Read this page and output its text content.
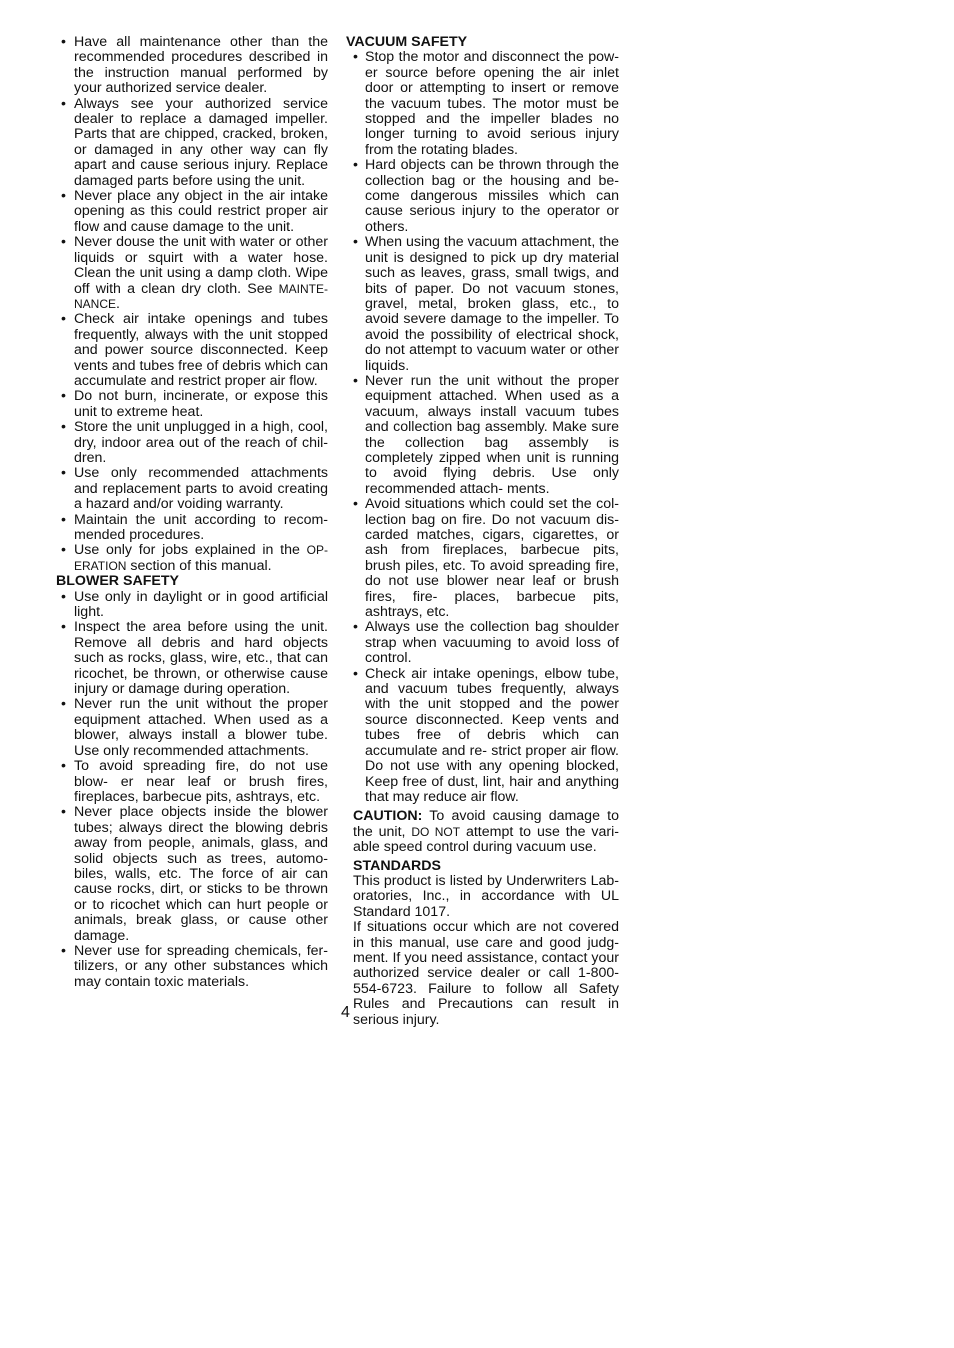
• Have all maintenance other than the recommended procedures described in the instruction manual performed by your authorized service dealer.
• Always see your authorized service dealer to replace a damaged impeller. Parts that are chipped, cracked, broken, or damaged in any other way can fly apart and cause serious injury. Replace damaged parts before using the unit.
• Never place any object in the air intake opening as this could restrict proper air flow and cause damage to the unit.
• Never douse the unit with water or other liquids or squirt with a water hose. Clean the unit using a damp cloth. Wipe off with a clean dry cloth. See MAINTE- NANCE.
• Check air intake openings and tubes frequently, always with the unit stopped and power source disconnected. Keep vents and tubes free of debris which can accumulate and restrict proper air flow.
• Do not burn, incinerate, or expose this unit to extreme heat.
• Store the unit unplugged in a high, cool, dry, indoor area out of the reach of chil- dren.
• Use only recommended attachments and replacement parts to avoid creating a hazard and/or voiding warranty.
• Maintain the unit according to recom- mended procedures.
• Use only for jobs explained in the OP- ERATION section of this manual.
BLOWER SAFETY
• Use only in daylight or in good artificial light.
• Inspect the area before using the unit. Remove all debris and hard objects such as rocks, glass, wire, etc., that can ricochet, be thrown, or otherwise cause injury or damage during operation.
• Never run the unit without the proper equipment attached. When used as a blower, always install a blower tube. Use only recommended attachments.
• To avoid spreading fire, do not use blow- er near leaf or brush fires, fireplaces, barbecue pits, ashtrays, etc.
• Never place objects inside the blower tubes; always direct the blowing debris away from people, animals, glass, and solid objects such as trees, automo- biles, walls, etc. The force of air can cause rocks, dirt, or sticks to be thrown or to ricochet which can hurt people or animals, break glass, or cause other damage.
• Never use for spreading chemicals, fer- tilizers, or any other substances which may contain toxic materials.
VACUUM SAFETY
• Stop the motor and disconnect the pow- er source before opening the air inlet door or attempting to insert or remove the vacuum tubes. The motor must be stopped and the impeller blades no longer turning to avoid serious injury from the rotating blades.
• Hard objects can be thrown through the collection bag or the housing and be- come dangerous missiles which can cause serious injury to the operator or others.
• When using the vacuum attachment, the unit is designed to pick up dry material such as leaves, grass, small twigs, and bits of paper. Do not vacuum stones, gravel, metal, broken glass, etc., to avoid severe damage to the impeller. To avoid the possibility of electrical shock, do not attempt to vacuum water or other liquids.
• Never run the unit without the proper equipment attached. When used as a vacuum, always install vacuum tubes and collection bag assembly. Make sure the collection bag assembly is completely zipped when unit is running to avoid flying debris. Use only recommended attach- ments.
• Avoid situations which could set the col- lection bag on fire. Do not vacuum dis- carded matches, cigars, cigarettes, or ash from fireplaces, barbecue pits, brush piles, etc. To avoid spreading fire, do not use blower near leaf or brush fires, fire- places, barbecue pits, ashtrays, etc.
• Always use the collection bag shoulder strap when vacuuming to avoid loss of control.
• Check air intake openings, elbow tube, and vacuum tubes frequently, always with the unit stopped and the power source disconnected. Keep vents and tubes free of debris which can accumulate and re- strict proper air flow. Do not use with any opening blocked, Keep free of dust, lint, hair and anything that may reduce air flow.

CAUTION: To avoid causing damage to the unit, DO NOT attempt to use the vari- able speed control during vacuum use.

STANDARDS

This product is listed by Underwriters Lab- oratories, Inc., in accordance with UL Standard 1017.

If situations occur which are not covered in this manual, use care and good judg- ment. If you need assistance, contact your authorized service dealer or call 1-800-554-6723. Failure to follow all Safety Rules and Precautions can result in serious injury.

4
